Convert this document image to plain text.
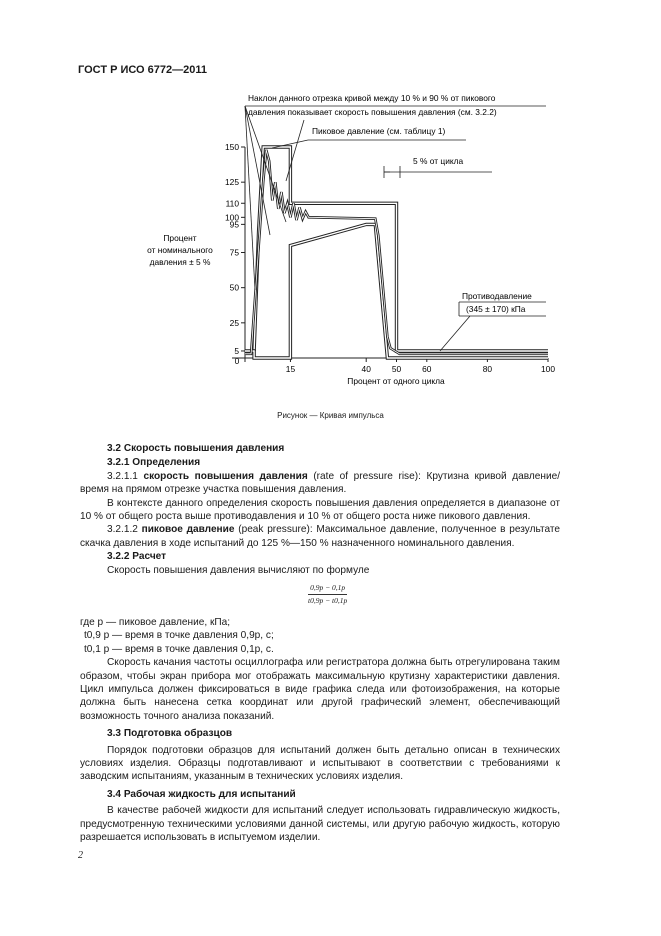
ГОСТ Р ИСО 6772—2011
5
25
50
75
95
100
110
125
150
0
15	40 50 60	80	100
Наклон данного отрезка кривой между 10 % и 90 % от пикового
давления показывает скорость повышения давления (см. 3.2.2)
Пиковое давление (см. таблицу 1)
5 % от цикла
Противодавление
(345 ± 170) кПа
Процент
от номинального
давления ± 5 %
Процент от одного цикла
Рисунок — Кривая импульса

3.2 Скорость повышения давления

3.2.1 Определения

3.2.1.1 скорость повышения давления (rate of pressure rise): Крутизна кривой давление/время на прямом отрезке участка повышения давления.

В контексте данного определения скорость повышения давления определяется в диапазоне от 10 % от общего роста выше противодавления и 10 % от общего роста ниже пикового давления.

3.2.1.2 пиковое давление (peak pressure): Максимальное давление, полученное в результате скачка давления в ходе испытаний до 125 %—150 % назначенного номинального давления.

3.2.2 Расчет

Скорость повышения давления вычисляют по формуле

0,9p − 0,1p
t0,9p − t0,1p

где p — пиковое давление, кПа;

t0,9 p — время в точке давления 0,9p, с;

t0,1 p — время в точке давления 0,1p, с.

Скорость качания частоты осциллографа или регистратора должна быть отрегулирована таким образом, чтобы экран прибора мог отображать максимальную крутизну характеристики давления. Цикл импульса должен фиксироваться в виде графика следа или фотоизображения, на которые должна быть нанесена сетка координат или другой графический элемент, обеспечивающий возможность точного анализа показаний.

3.3 Подготовка образцов

Порядок подготовки образцов для испытаний должен быть детально описан в технических условиях изделия. Образцы подготавливают и испытывают в соответствии с требованиями к заводским испытаниям, указанным в технических условиях изделия.

3.4 Рабочая жидкость для испытаний

В качестве рабочей жидкости для испытаний следует использовать гидравлическую жидкость, предусмотренную техническими условиями данной системы, или другую рабочую жидкость, которую разрешается использовать в испытуемом изделии.

2
